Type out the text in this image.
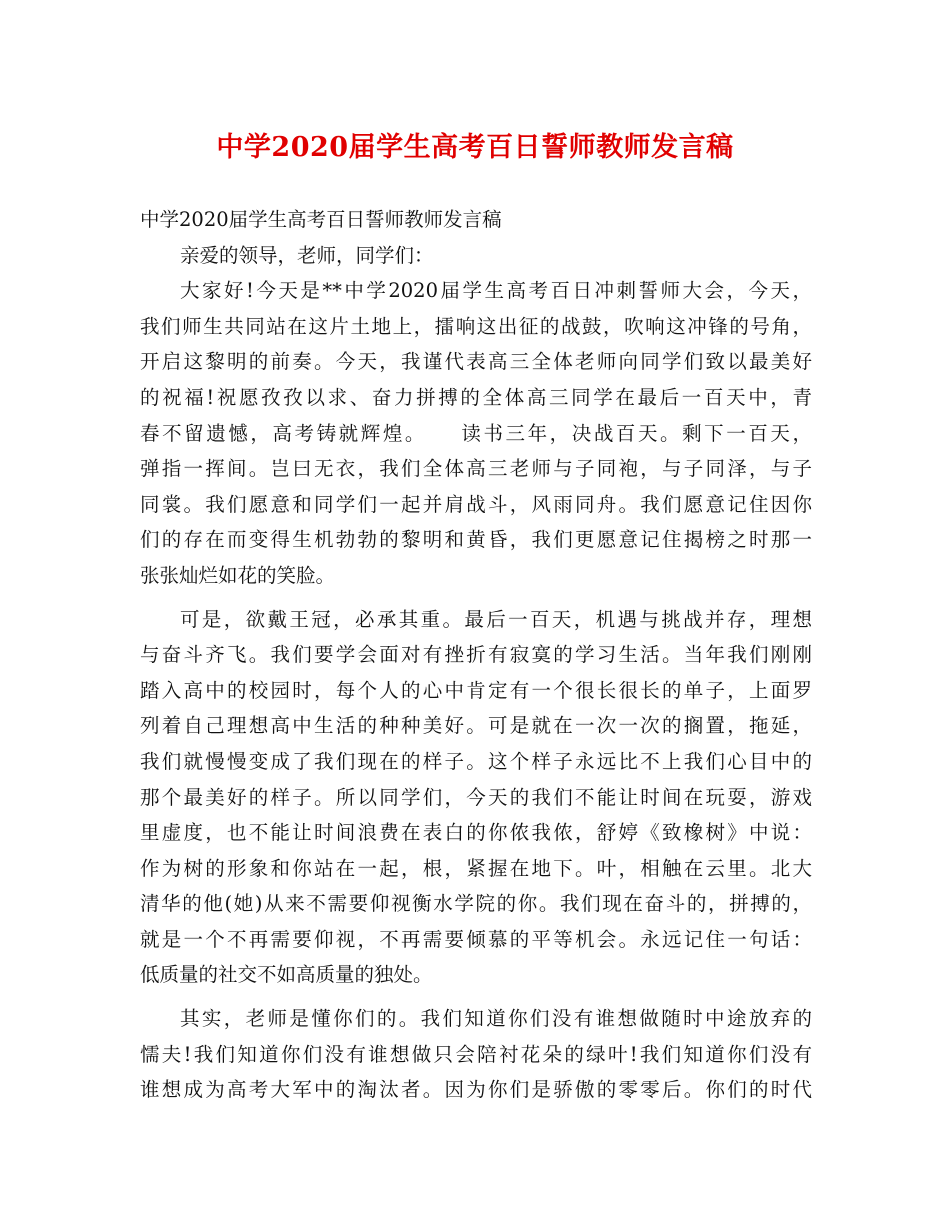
中学2020届学生高考百日誓师教师发言稿
中学2020届学生高考百日誓师教师发言稿
亲爱的领导，老师，同学们：
大家好!今天是**中学2020届学生高考百日冲刺誓师大会，今天，
我们师生共同站在这片土地上，擂响这出征的战鼓，吹响这冲锋的号角，
开启这黎明的前奏。今天，我谨代表高三全体老师向同学们致以最美好
的祝福!祝愿孜孜以求、奋力拼搏的全体高三同学在最后一百天中，青
春不留遗憾，高考铸就辉煌。　　读书三年，决战百天。剩下一百天，
弹指一挥间。岂曰无衣，我们全体高三老师与子同袍，与子同泽，与子
同裳。我们愿意和同学们一起并肩战斗，风雨同舟。我们愿意记住因你
们的存在而变得生机勃勃的黎明和黄昏，我们更愿意记住揭榜之时那一
张张灿烂如花的笑脸。
可是，欲戴王冠，必承其重。最后一百天，机遇与挑战并存，理想
与奋斗齐飞。我们要学会面对有挫折有寂寞的学习生活。当年我们刚刚
踏入高中的校园时，每个人的心中肯定有一个很长很长的单子，上面罗
列着自己理想高中生活的种种美好。可是就在一次一次的搁置，拖延，
我们就慢慢变成了我们现在的样子。这个样子永远比不上我们心目中的
那个最美好的样子。所以同学们，今天的我们不能让时间在玩耍，游戏
里虚度，也不能让时间浪费在表白的你侬我侬，舒婷《致橡树》中说：
作为树的形象和你站在一起，根，紧握在地下。叶，相触在云里。北大
清华的他(她)从来不需要仰视衡水学院的你。我们现在奋斗的，拼搏的，
就是一个不再需要仰视，不再需要倾慕的平等机会。永远记住一句话：
低质量的社交不如高质量的独处。
其实，老师是懂你们的。我们知道你们没有谁想做随时中途放弃的
懦夫!我们知道你们没有谁想做只会陪衬花朵的绿叶!我们知道你们没有
谁想成为高考大军中的淘汰者。因为你们是骄傲的零零后。你们的时代
